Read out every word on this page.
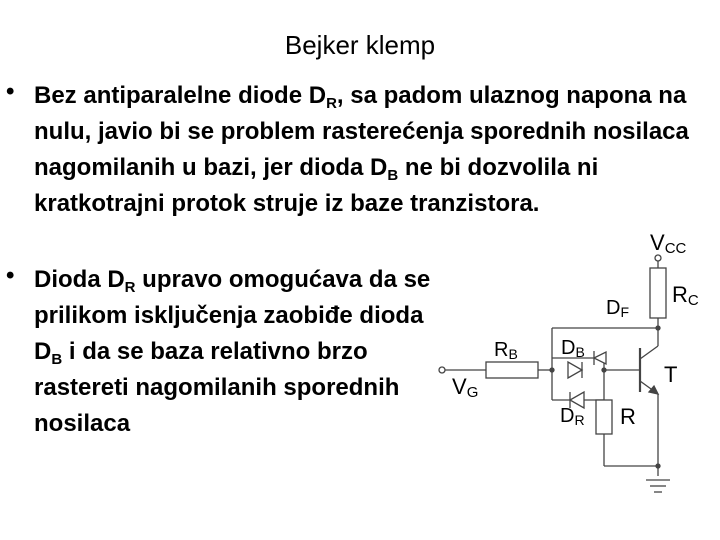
Bejker klemp
• Bez antiparalelne diode $D_R$, sa padom ulaznog napona na nulu, javio bi se problem rasterećenja sporednih nosilaca nagomilanih u bazi, jer dioda $D_B$ ne bi dozvolila ni kratkotrajni protok struje iz baze tranzistora.

• Dioda $D_R$ upravo omogućava da se prilikom isključenja zaobiđe dioda $D_B$ i da se baza relativno brzo rastereti nagomilanih sporednih nosilaca

VCC
RC
DF
RB DB
VG
DR R
T
